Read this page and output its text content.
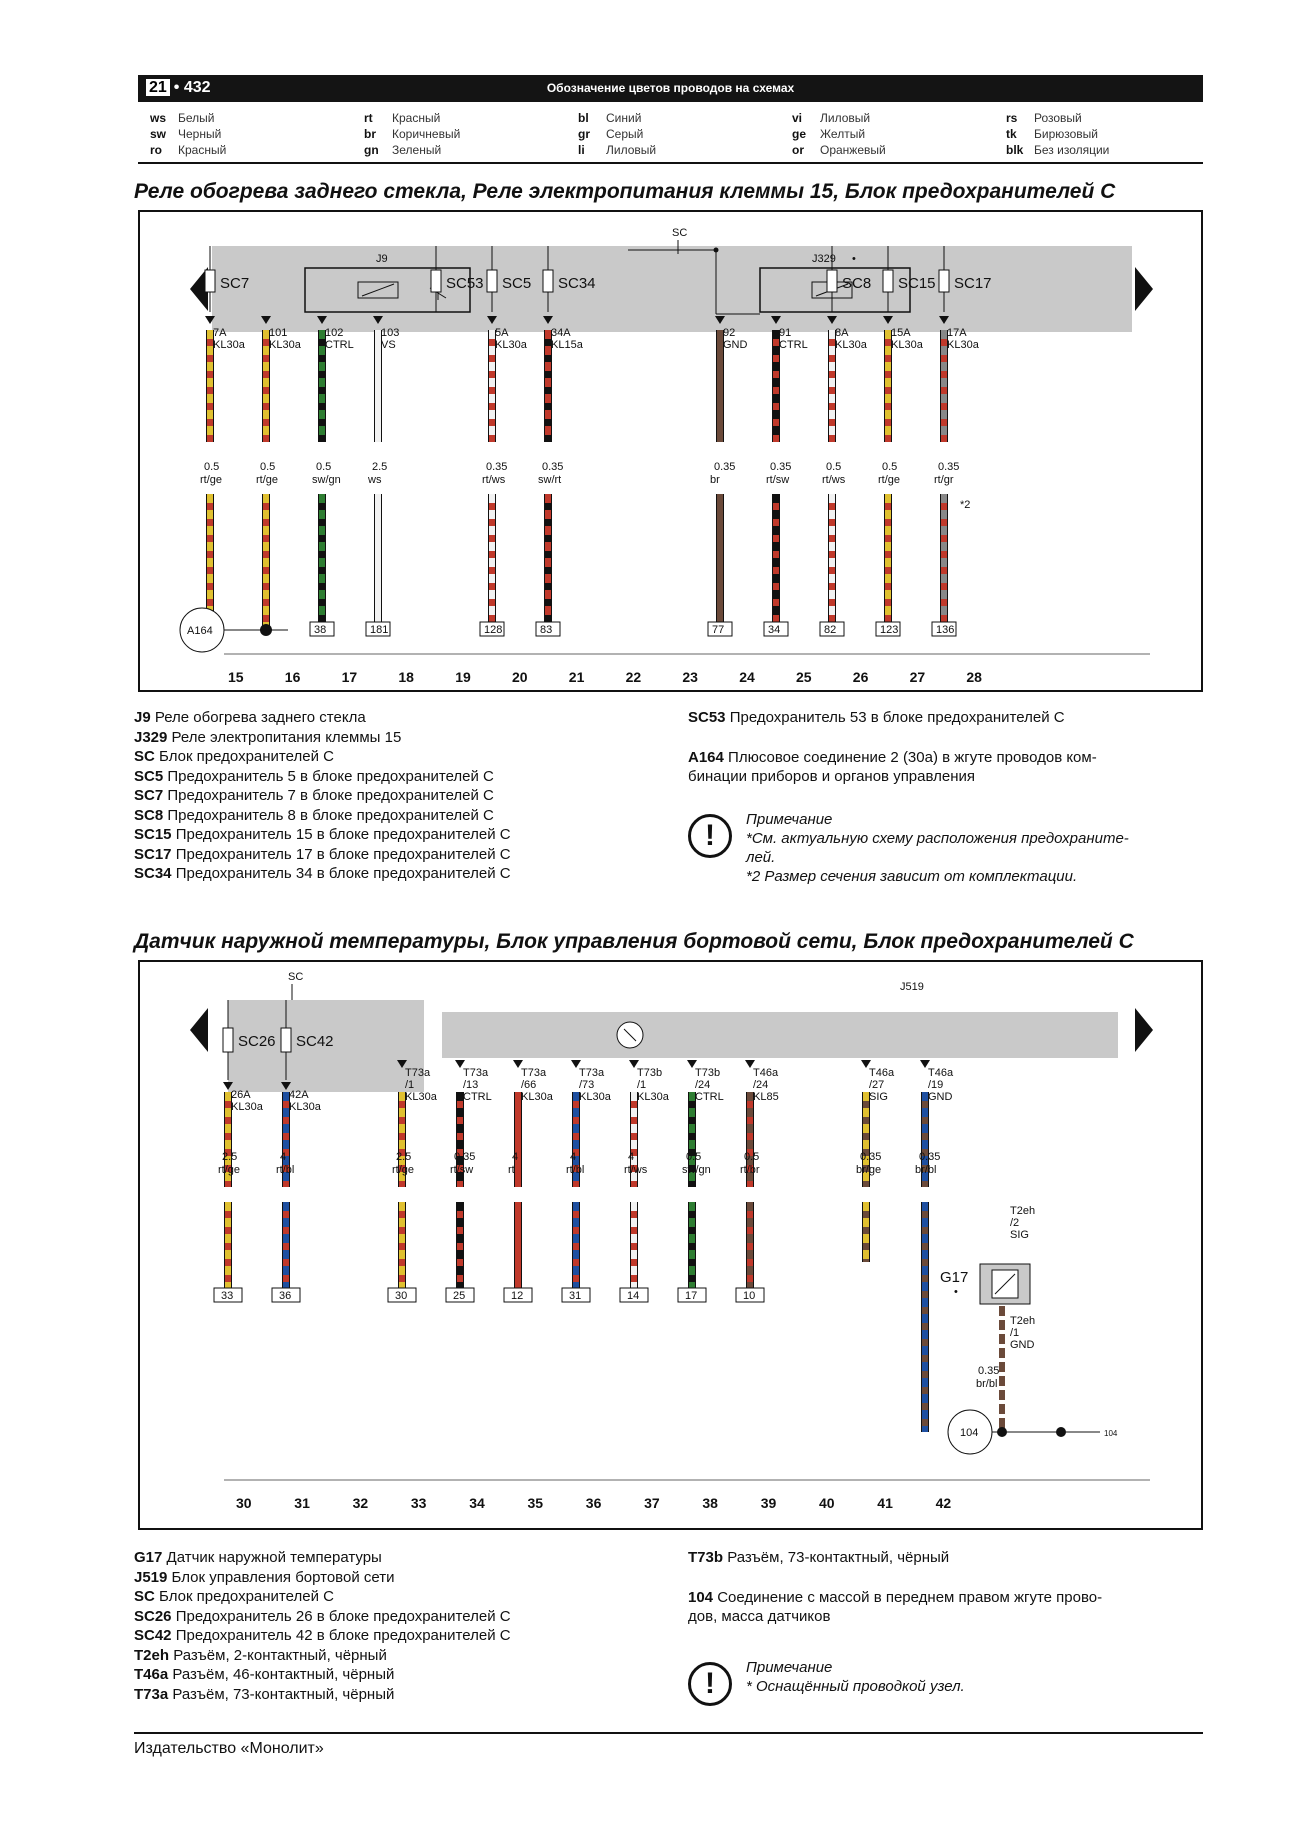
21 • 432	Обозначение цветов проводов на схемах
ws Белый
sw Черный
ro Красный
rt Красный
br Коричневый
gn Зеленый
bl Синий
gr Серый
li Лиловый
vi Лиловый
ge Желтый
or Оранжевый
rs Розовый
tk Бирюзовый
blk Без изоляции
Реле обогрева заднего стекла, Реле электропитания клеммы 15, Блок предохранителей С
SC
J9	J329 •
SC7	SC53 SC5 SC34	SC8 SC15 SC17
7A
KL30a
0.5
rt/ge
101
KL30a
0.5
rt/ge
102
CTRL
0.5
sw/gn
38
103
VS
2.5
ws
181
5A
KL30a
0.35
rt/ws
128
34A
KL15a
0.35
sw/rt
83
92
GND
0.35
br
77
91
CTRL
0.35
rt/sw
34
8A
KL30a
0.5
rt/ws
82
15A
KL30a
0.5
rt/ge
123
17A
KL30a
0.35
rt/gr
136
A164
*2
15	16	17	18	19	20	21	22	23	24	25	26	27	28
J9 Реле обогрева заднего стекла
J329 Реле электропитания клеммы 15
SC Блок предохранителей С
SC5 Предохранитель 5 в блоке предохранителей С
SC7 Предохранитель 7 в блоке предохранителей С
SC8 Предохранитель 8 в блоке предохранителей С
SC15 Предохранитель 15 в блоке предохранителей С
SC17 Предохранитель 17 в блоке предохранителей С
SC34 Предохранитель 34 в блоке предохранителей С
SC53 Предохранитель 53 в блоке предохранителей С
A164 Плюсовое соединение 2 (30а) в жгуте проводов ком-
бинации приборов и органов управления
!	Примечание
*См. актуальную схему расположения предохраните-
лей.
*2 Размер сечения зависит от комплектации.
Датчик наружной температуры, Блок управления бортовой сети, Блок предохранителей С
SC
J519
SC26 SC42
26A
KL30a
33
2.5
rt/ge
42A
KL30a
36
4
rt/bl
T73a
/1
KL30a
30
2.5
rt/ge
T73a
/13
CTRL
25
0.35
rt/sw
T73a
/66
KL30a
12
4
rt
T73a
/73
KL30a
31
4
rt/bl
T73b
/1
KL30a
14
4
rt/ws
T73b
/24
CTRL
17
0.5
sw/gn
T46a
/24
KL85
10
0.5
rt/br
T46a
/27
SIG
0.35
br/ge
T46a
/19
GND
0.35
br/bl
G17
•
T2eh
/2
SIG
T2eh
/1
GND
0.35
br/bl
104	104
30	31	32	33	34	35	36	37	38	39	40	41	42
G17 Датчик наружной температуры
J519 Блок управления бортовой сети
SC Блок предохранителей С
SC26 Предохранитель 26 в блоке предохранителей С
SC42 Предохранитель 42 в блоке предохранителей С
T2eh Разъём, 2-контактный, чёрный
T46a Разъём, 46-контактный, чёрный
T73a Разъём, 73-контактный, чёрный
T73b Разъём, 73-контактный, чёрный
104 Соединение с массой в переднем правом жгуте прово-
дов, масса датчиков
!	Примечание
* Оснащённый проводкой узел.
Издательство «Монолит»
